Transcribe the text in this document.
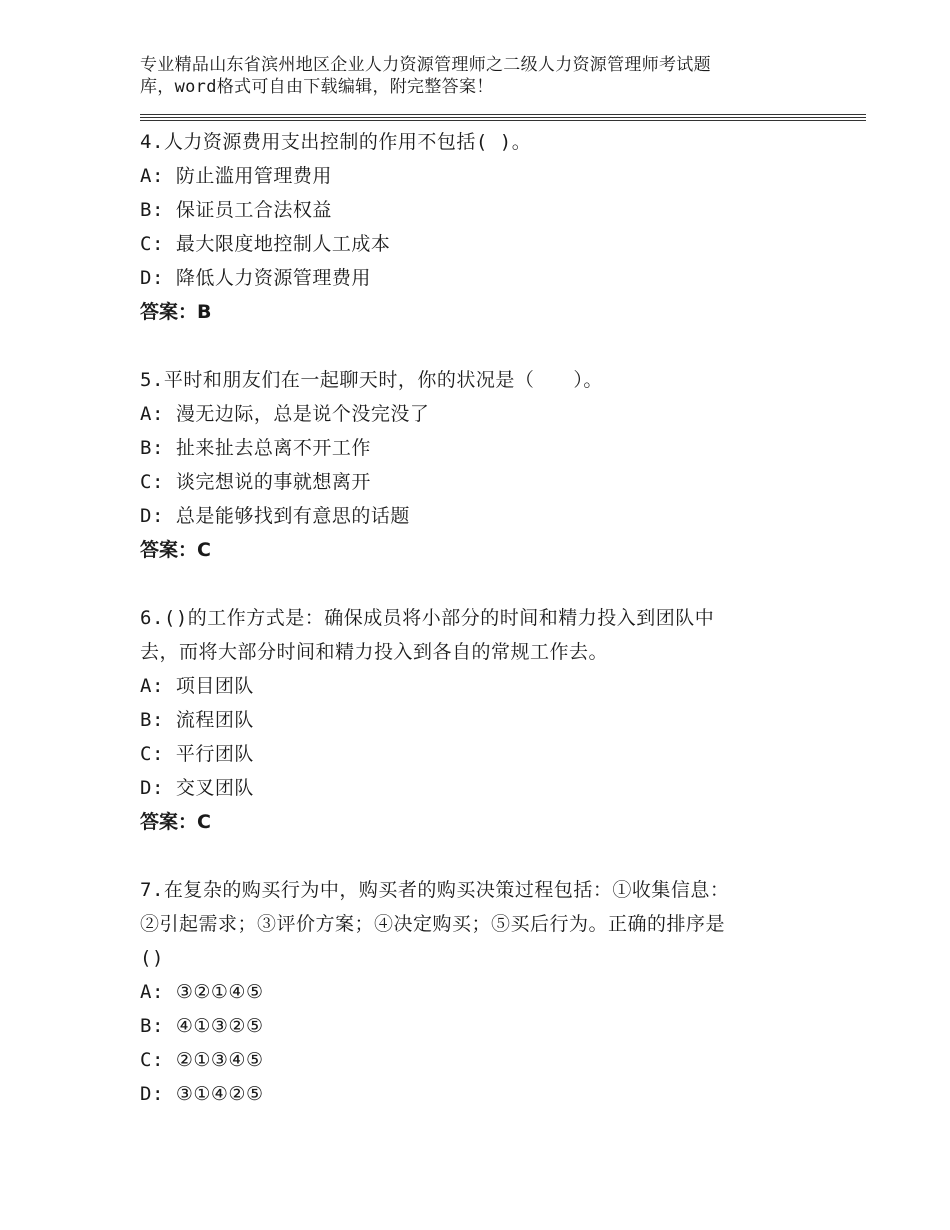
专业精品山东省滨州地区企业人力资源管理师之二级人力资源管理师考试题
库，word格式可自由下载编辑，附完整答案！
4.人力资源费用支出控制的作用不包括( )。
A: 防止滥用管理费用
B: 保证员工合法权益
C: 最大限度地控制人工成本
D: 降低人力资源管理费用
答案：B
5.平时和朋友们在一起聊天时，你的状况是（　　）。
A: 漫无边际，总是说个没完没了
B: 扯来扯去总离不开工作
C: 谈完想说的事就想离开
D: 总是能够找到有意思的话题
答案：C
6.()的工作方式是：确保成员将小部分的时间和精力投入到团队中
去，而将大部分时间和精力投入到各自的常规工作去。
A: 项目团队
B: 流程团队
C: 平行团队
D: 交叉团队
答案：C
7.在复杂的购买行为中，购买者的购买决策过程包括：①收集信息：
②引起需求；③评价方案；④决定购买；⑤买后行为。正确的排序是
()
A: ③②①④⑤
B: ④①③②⑤
C: ②①③④⑤
D: ③①④②⑤
